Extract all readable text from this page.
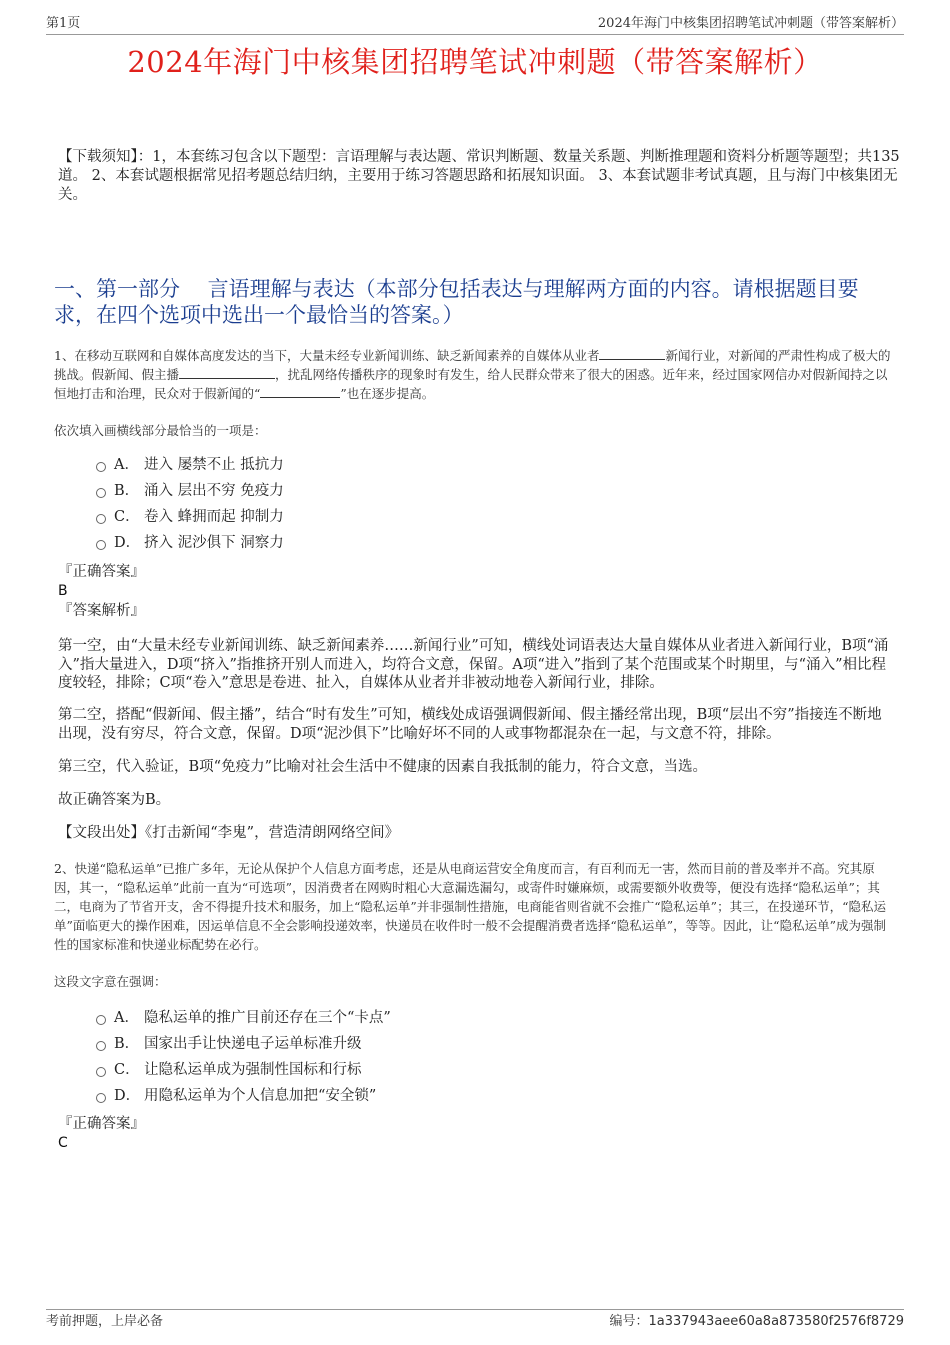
第1页	2024年海门中核集团招聘笔试冲刺题（带答案解析）
2024年海门中核集团招聘笔试冲刺题（带答案解析）
【下载须知】：1，本套练习包含以下题型：言语理解与表达题、常识判断题、数量关系题、判断推理题和资料分析题等题型；共135道。 2、本套试题根据常见招考题总结归纳，主要用于练习答题思路和拓展知识面。 3、本套试题非考试真题，且与海门中核集团无关。
一、第一部分　 言语理解与表达（本部分包括表达与理解两方面的内容。请根据题目要求，在四个选项中选出一个最恰当的答案。）
1、在移动互联网和自媒体高度发达的当下，大量未经专业新闻训练、缺乏新闻素养的自媒体从业者	新闻行业，对新闻的严肃性构成了极大的挑战。假新闻、假主播	，扰乱网络传播秩序的现象时有发生，给人民群众带来了很大的困惑。近年来，经过国家网信办对假新闻持之以恒地打击和治理，民众对于假新闻的“	”也在逐步提高。
依次填入画横线部分最恰当的一项是：
A． 进入 屡禁不止 抵抗力
B． 涌入 层出不穷 免疫力
C． 卷入 蜂拥而起 抑制力
D． 挤入 泥沙俱下 洞察力
『正确答案』
B
『答案解析』
第一空，由“大量未经专业新闻训练、缺乏新闻素养……新闻行业”可知，横线处词语表达大量自媒体从业者进入新闻行业，B项“涌入”指大量进入，D项“挤入”指推挤开别人而进入，均符合文意，保留。A项“进入”指到了某个范围或某个时期里，与“涌入”相比程度较轻，排除；C项“卷入”意思是卷进、扯入，自媒体从业者并非被动地卷入新闻行业，排除。
第二空，搭配“假新闻、假主播”，结合“时有发生”可知，横线处成语强调假新闻、假主播经常出现，B项“层出不穷”指接连不断地出现，没有穷尽，符合文意，保留。D项“泥沙俱下”比喻好坏不同的人或事物都混杂在一起，与文意不符，排除。
第三空，代入验证，B项“免疫力”比喻对社会生活中不健康的因素自我抵制的能力，符合文意，当选。
故正确答案为B。
【文段出处】《打击新闻“李鬼”，营造清朗网络空间》
2、快递“隐私运单”已推广多年，无论从保护个人信息方面考虑，还是从电商运营安全角度而言，有百利而无一害，然而目前的普及率并不高。究其原因，其一，“隐私运单”此前一直为“可选项”，因消费者在网购时粗心大意漏选漏勾，或寄件时嫌麻烦，或需要额外收费等，便没有选择“隐私运单”；其二，电商为了节省开支，舍不得提升技术和服务，加上“隐私运单”并非强制性措施，电商能省则省就不会推广“隐私运单”；其三，在投递环节，“隐私运单”面临更大的操作困难，因运单信息不全会影响投递效率，快递员在收件时一般不会提醒消费者选择“隐私运单”，等等。因此，让“隐私运单”成为强制性的国家标准和快递业标配势在必行。
这段文字意在强调：
A． 隐私运单的推广目前还存在三个“卡点”
B． 国家出手让快递电子运单标准升级
C． 让隐私运单成为强制性国标和行标
D． 用隐私运单为个人信息加把“安全锁”
『正确答案』
C
考前押题，上岸必备	编号：1a337943aee60a8a873580f2576f8729
